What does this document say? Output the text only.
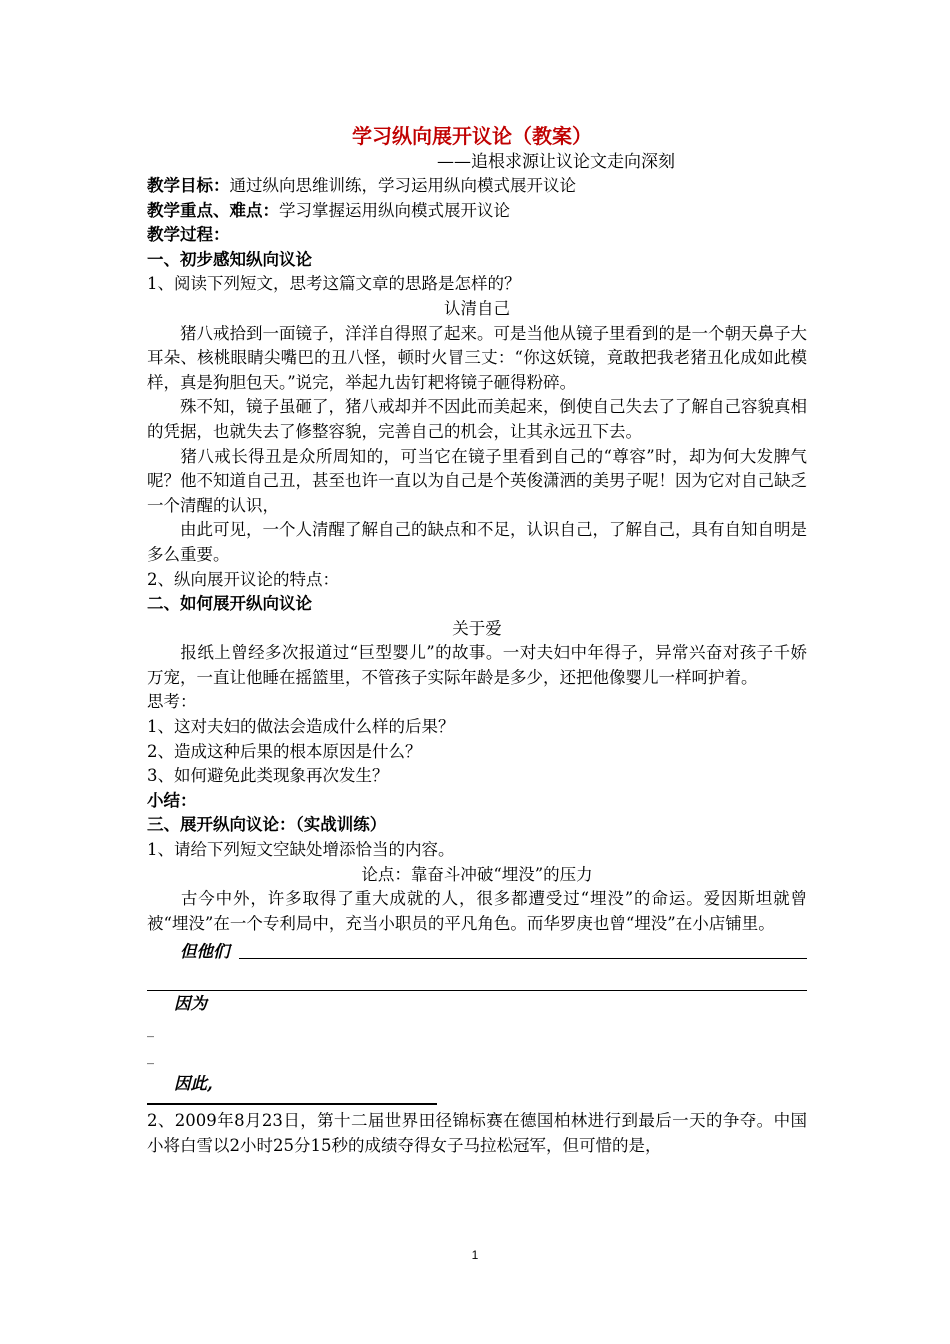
学习纵向展开议论（教案）
——追根求源让议论文走向深刻
教学目标：通过纵向思维训练，学习运用纵向模式展开议论
教学重点、难点：学习掌握运用纵向模式展开议论
教学过程：
一、初步感知纵向议论
1、阅读下列短文，思考这篇文章的思路是怎样的？
认清自己
猪八戒拾到一面镜子，洋洋自得照了起来。可是当他从镜子里看到的是一个朝天鼻子大耳朵、核桃眼睛尖嘴巴的丑八怪，顿时火冒三丈：“你这妖镜，竟敢把我老猪丑化成如此模样，真是狗胆包天。”说完，举起九齿钉耙将镜子砸得粉碎。
殊不知，镜子虽砸了，猪八戒却并不因此而美起来，倒使自己失去了了解自己容貌真相的凭据，也就失去了修整容貌，完善自己的机会，让其永远丑下去。
猪八戒长得丑是众所周知的，可当它在镜子里看到自己的“尊容”时，却为何大发脾气呢？他不知道自己丑，甚至也许一直以为自己是个英俊潇洒的美男子呢！因为它对自己缺乏一个清醒的认识，
由此可见，一个人清醒了解自己的缺点和不足，认识自己，了解自己，具有自知自明是多么重要。
2、纵向展开议论的特点：
二、如何展开纵向议论
关于爱
报纸上曾经多次报道过“巨型婴儿”的故事。一对夫妇中年得子，异常兴奋对孩子千娇万宠，一直让他睡在摇篮里，不管孩子实际年龄是多少，还把他像婴儿一样呵护着。
思考：
1、这对夫妇的做法会造成什么样的后果？
2、造成这种后果的根本原因是什么？
3、如何避免此类现象再次发生？
小结：
三、展开纵向议论：（实战训练）
1、请给下列短文空缺处增添恰当的内容。
论点：靠奋斗冲破“埋没”的压力
古今中外，许多取得了重大成就的人，很多都遭受过“埋没”的命运。爱因斯坦就曾被“埋没”在一个专利局中，充当小职员的平凡角色。而华罗庚也曾“埋没”在小店铺里。
但他们
因为
_
_
因此,
2、2009年8月23日，第十二届世界田径锦标赛在德国柏林进行到最后一天的争夺。中国小将白雪以2小时25分15秒的成绩夺得女子马拉松冠军，但可惜的是，
1
